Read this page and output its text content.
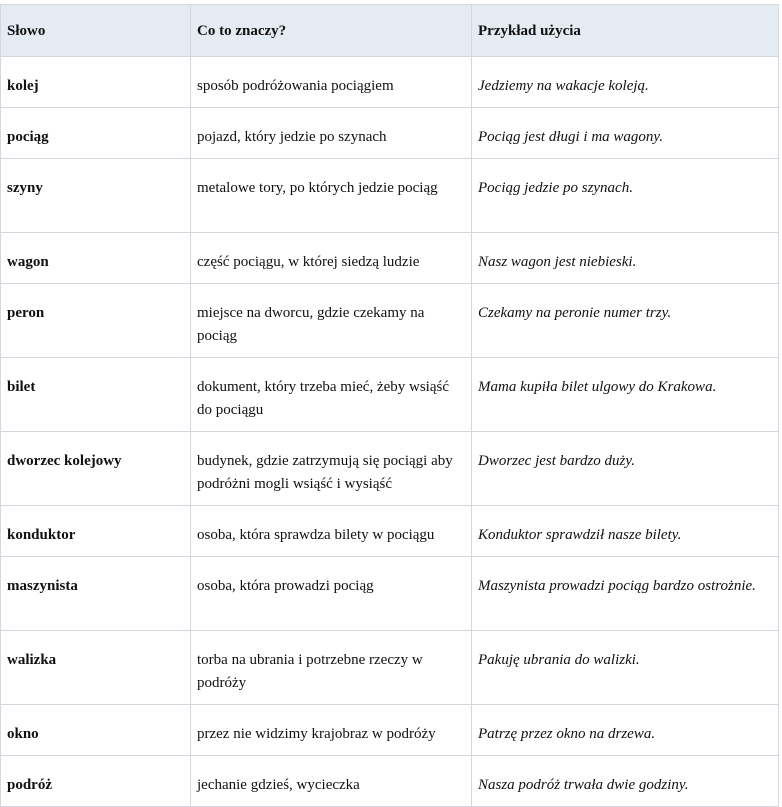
Słowo	Co to znaczy?	Przykład użycia
kolej	sposób podróżowania pociągiem	Jedziemy na wakacje koleją.
pociąg	pojazd, który jedzie po szynach	Pociąg jest długi i ma wagony.
szyny	metalowe tory, po których jedzie pociąg	Pociąg jedzie po szynach.
wagon	część pociągu, w której siedzą ludzie	Nasz wagon jest niebieski.
peron	miejsce na dworcu, gdzie czekamy na pociąg	Czekamy na peronie numer trzy.
bilet	dokument, który trzeba mieć, żeby wsiąść do pociągu	Mama kupiła bilet ulgowy do Krakowa.
dworzec kolejowy	budynek, gdzie zatrzymują się pociągi aby podróżni mogli wsiąść i wysiąść	Dworzec jest bardzo duży.
konduktor	osoba, która sprawdza bilety w pociągu	Konduktor sprawdził nasze bilety.
maszynista	osoba, która prowadzi pociąg	Maszynista prowadzi pociąg bardzo ostrożnie.
walizka	torba na ubrania i potrzebne rzeczy w podróży	Pakuję ubrania do walizki.
okno	przez nie widzimy krajobraz w podróży	Patrzę przez okno na drzewa.
podróż	jechanie gdzieś, wycieczka	Nasza podróż trwała dwie godziny.
